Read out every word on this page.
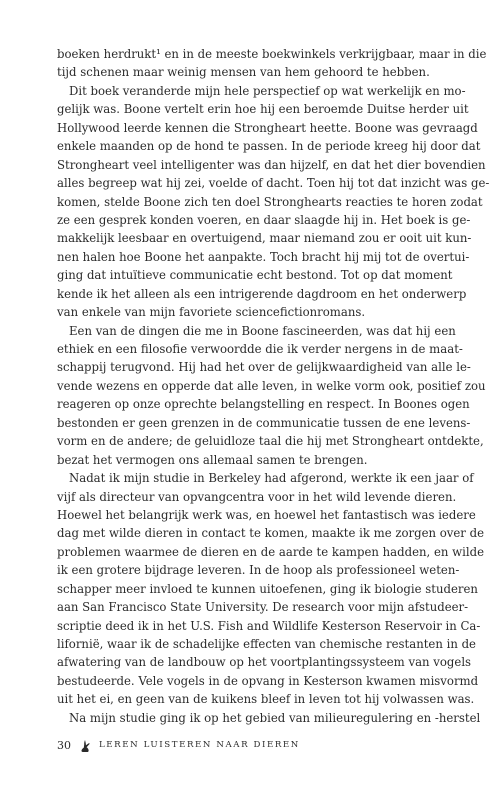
boeken herdrukt¹ en in de meeste boekwinkels verkrijgbaar, maar in die
tijd schenen maar weinig mensen van hem gehoord te hebben.
Dit boek veranderde mijn hele perspectief op wat werkelijk en mo-
gelijk was. Boone vertelt erin hoe hij een beroemde Duitse herder uit
Hollywood leerde kennen die Strongheart heette. Boone was gevraagd
enkele maanden op de hond te passen. In de periode kreeg hij door dat
Strongheart veel intelligenter was dan hijzelf, en dat het dier bovendien
alles begreep wat hij zei, voelde of dacht. Toen hij tot dat inzicht was ge-
komen, stelde Boone zich ten doel Stronghearts reacties te horen zodat
ze een gesprek konden voeren, en daar slaagde hij in. Het boek is ge-
makkelijk leesbaar en overtuigend, maar niemand zou er ooit uit kun-
nen halen hoe Boone het aanpakte. Toch bracht hij mij tot de overtui-
ging dat intuïtieve communicatie echt bestond. Tot op dat moment
kende ik het alleen als een intrigerende dagdroom en het onderwerp
van enkele van mijn favoriete sciencefictionromans.
Een van de dingen die me in Boone fascineerden, was dat hij een
ethiek en een filosofie verwoordde die ik verder nergens in de maat-
schappij terugvond. Hij had het over de gelijkwaardigheid van alle le-
vende wezens en opperde dat alle leven, in welke vorm ook, positief zou
reageren op onze oprechte belangstelling en respect. In Boones ogen
bestonden er geen grenzen in de communicatie tussen de ene levens-
vorm en de andere; de geluidloze taal die hij met Strongheart ontdekte,
bezat het vermogen ons allemaal samen te brengen.
Nadat ik mijn studie in Berkeley had afgerond, werkte ik een jaar of
vijf als directeur van opvangcentra voor in het wild levende dieren.
Hoewel het belangrijk werk was, en hoewel het fantastisch was iedere
dag met wilde dieren in contact te komen, maakte ik me zorgen over de
problemen waarmee de dieren en de aarde te kampen hadden, en wilde
ik een grotere bijdrage leveren. In de hoop als professioneel weten-
schapper meer invloed te kunnen uitoefenen, ging ik biologie studeren
aan San Francisco State University. De research voor mijn afstudeer-
scriptie deed ik in het U.S. Fish and Wildlife Kesterson Reservoir in Ca-
lifornië, waar ik de schadelijke effecten van chemische restanten in de
afwatering van de landbouw op het voortplantingssysteem van vogels
bestudeerde. Vele vogels in de opvang in Kesterson kwamen misvormd
uit het ei, en geen van de kuikens bleef in leven tot hij volwassen was.
Na mijn studie ging ik op het gebied van milieuregulering en -herstel
30	LEREN LUISTEREN NAAR DIEREN
